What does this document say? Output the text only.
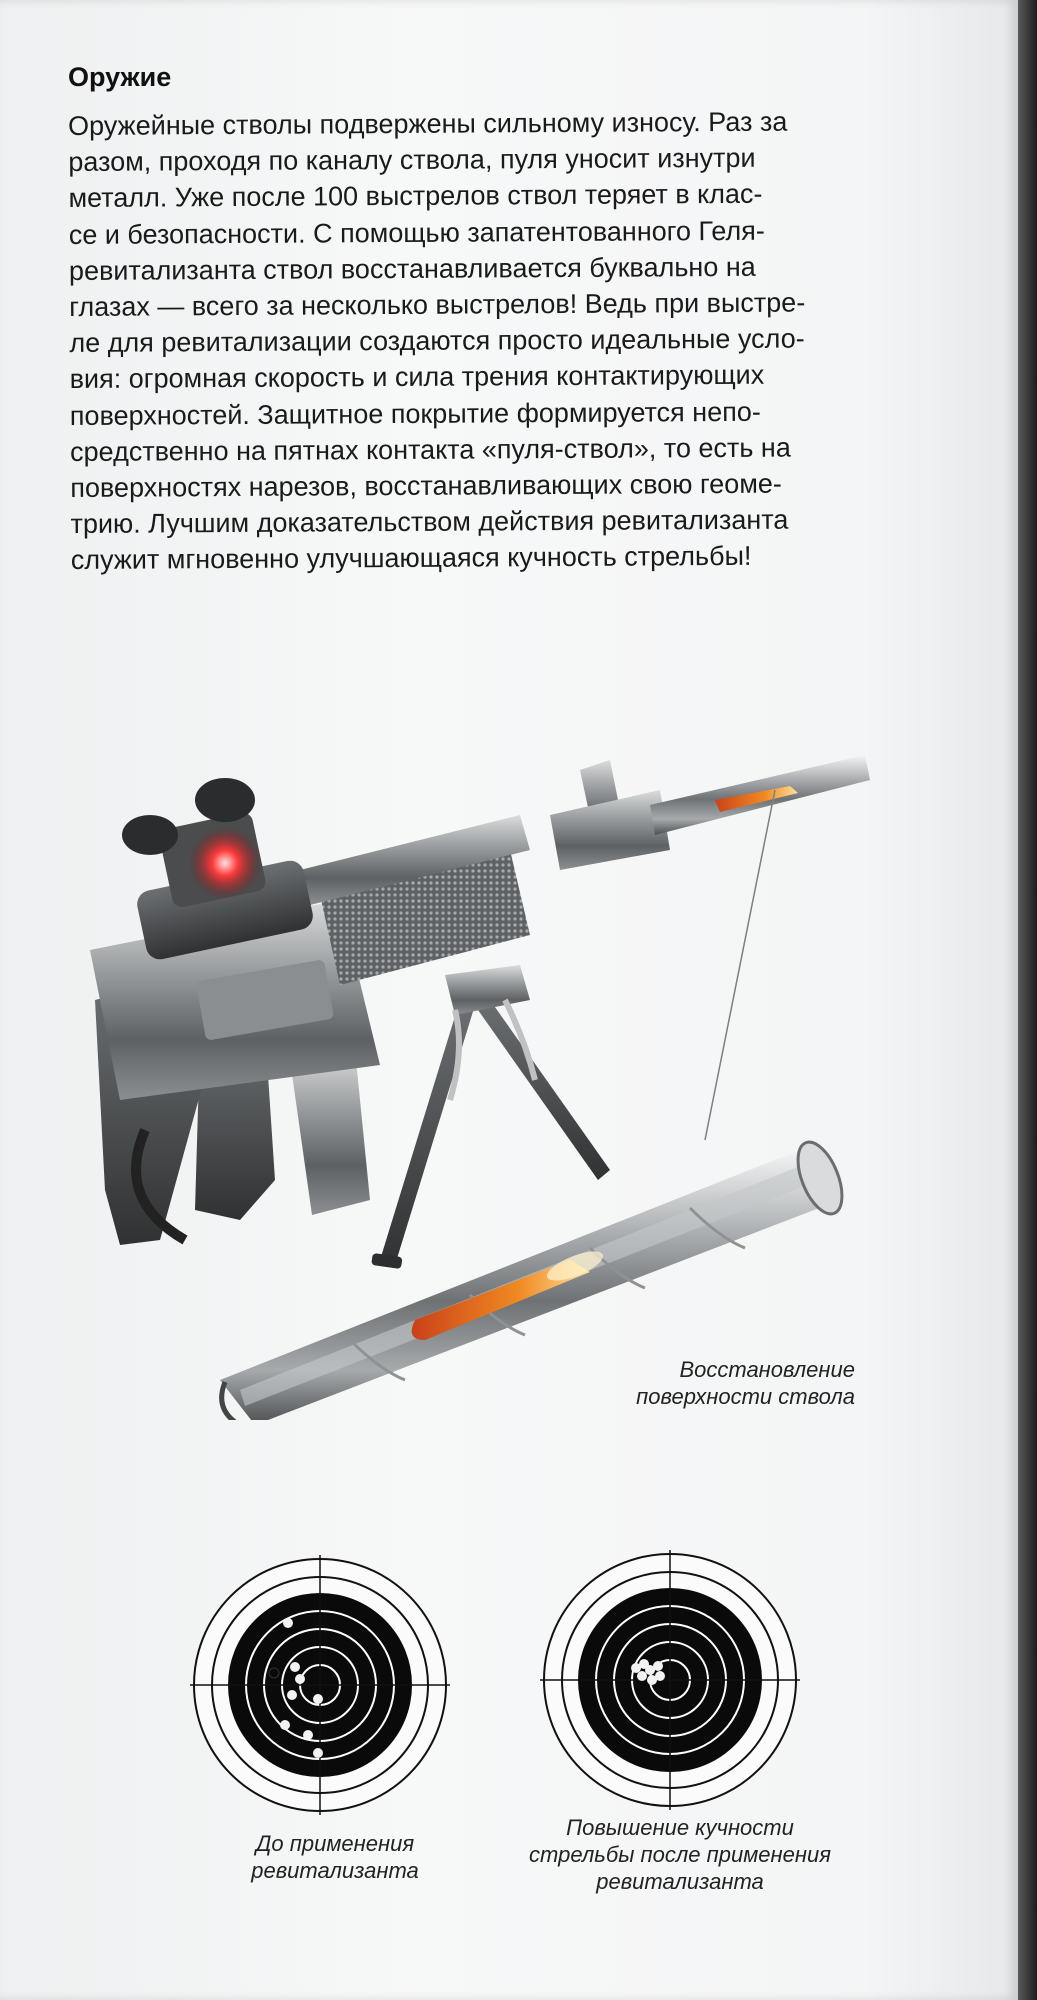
Оружие
Оружейные стволы подвержены сильному износу. Раз за
разом, проходя по каналу ствола, пуля уносит изнутри
металл. Уже после 100 выстрелов ствол теряет в клас-
се и безопасности. С помощью запатентованного Геля-
ревитализанта ствол восстанавливается буквально на
глазах — всего за несколько выстрелов! Ведь при выстре-
ле для ревитализации создаются просто идеальные усло-
вия: огромная скорость и сила трения контактирующих
поверхностей. Защитное покрытие формируется непо-
средственно на пятнах контакта «пуля-ствол», то есть на
поверхностях нарезов, восстанавливающих свою геоме-
трию. Лучшим доказательством действия ревитализанта
служит мгновенно улучшающаяся кучность стрельбы!

Восстановление
поверхности ствола

До применения
ревитализанта

Повышение кучности
стрельбы после применения
ревитализанта
